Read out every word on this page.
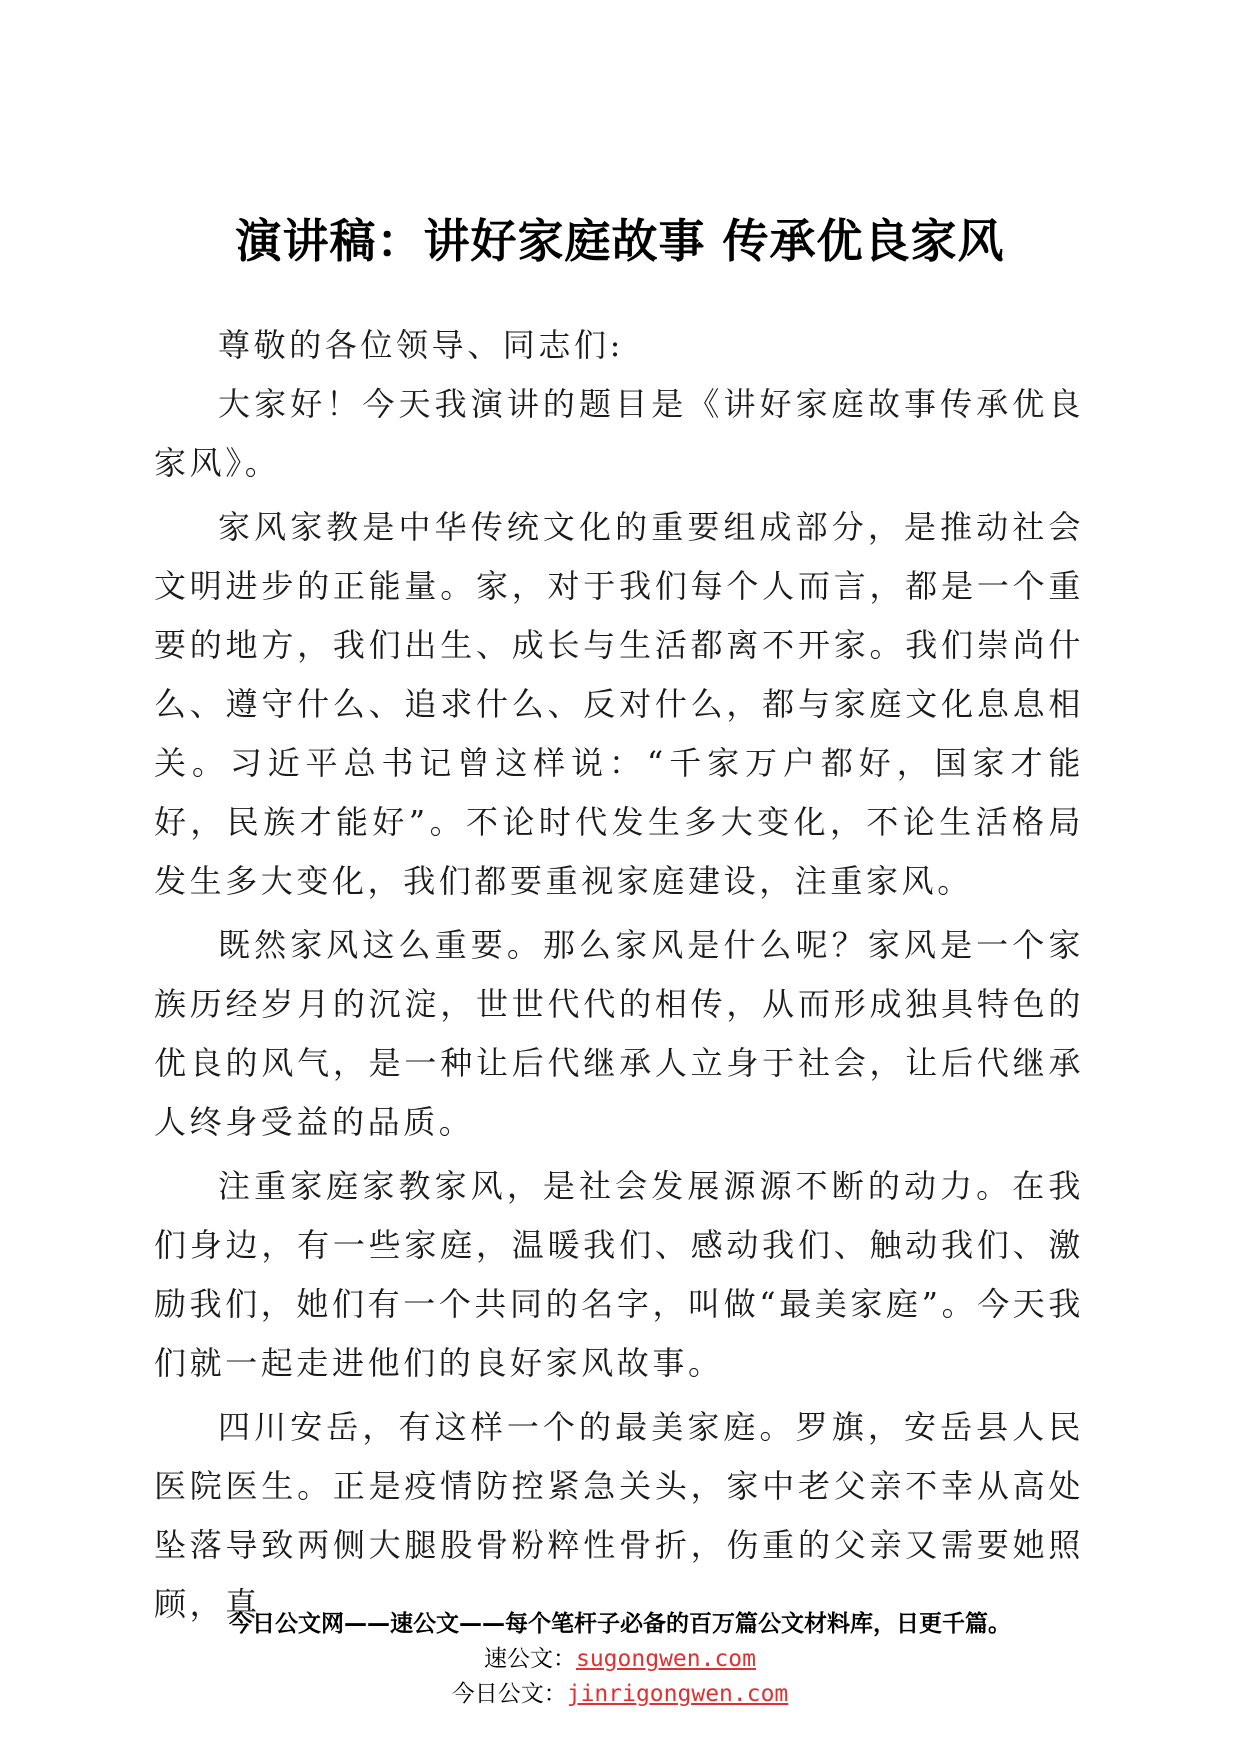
演讲稿：讲好家庭故事 传承优良家风

尊敬的各位领导、同志们:

大家好！今天我演讲的题目是《讲好家庭故事传承优良家风》。

家风家教是中华传统文化的重要组成部分，是推动社会文明进步的正能量。家，对于我们每个人而言，都是一个重要的地方，我们出生、成长与生活都离不开家。我们崇尚什么、遵守什么、追求什么、反对什么，都与家庭文化息息相关。习近平总书记曾这样说：“千家万户都好，国家才能好，民族才能好”。不论时代发生多大变化，不论生活格局发生多大变化，我们都要重视家庭建设，注重家风。

既然家风这么重要。那么家风是什么呢？家风是一个家族历经岁月的沉淀，世世代代的相传，从而形成独具特色的优良的风气，是一种让后代继承人立身于社会，让后代继承人终身受益的品质。

注重家庭家教家风，是社会发展源源不断的动力。在我们身边，有一些家庭，温暖我们、感动我们、触动我们、激励我们，她们有一个共同的名字，叫做“最美家庭”。今天我们就一起走进他们的良好家风故事。

四川安岳，有这样一个的最美家庭。罗旗，安岳县人民医院医生。正是疫情防控紧急关头，家中老父亲不幸从高处坠落导致两侧大腿股骨粉粹性骨折，伤重的父亲又需要她照顾，真

今日公文网——速公文——每个笔杆子必备的百万篇公文材料库，日更千篇。
速公文：sugongwen.com
今日公文：jinrigongwen.com
